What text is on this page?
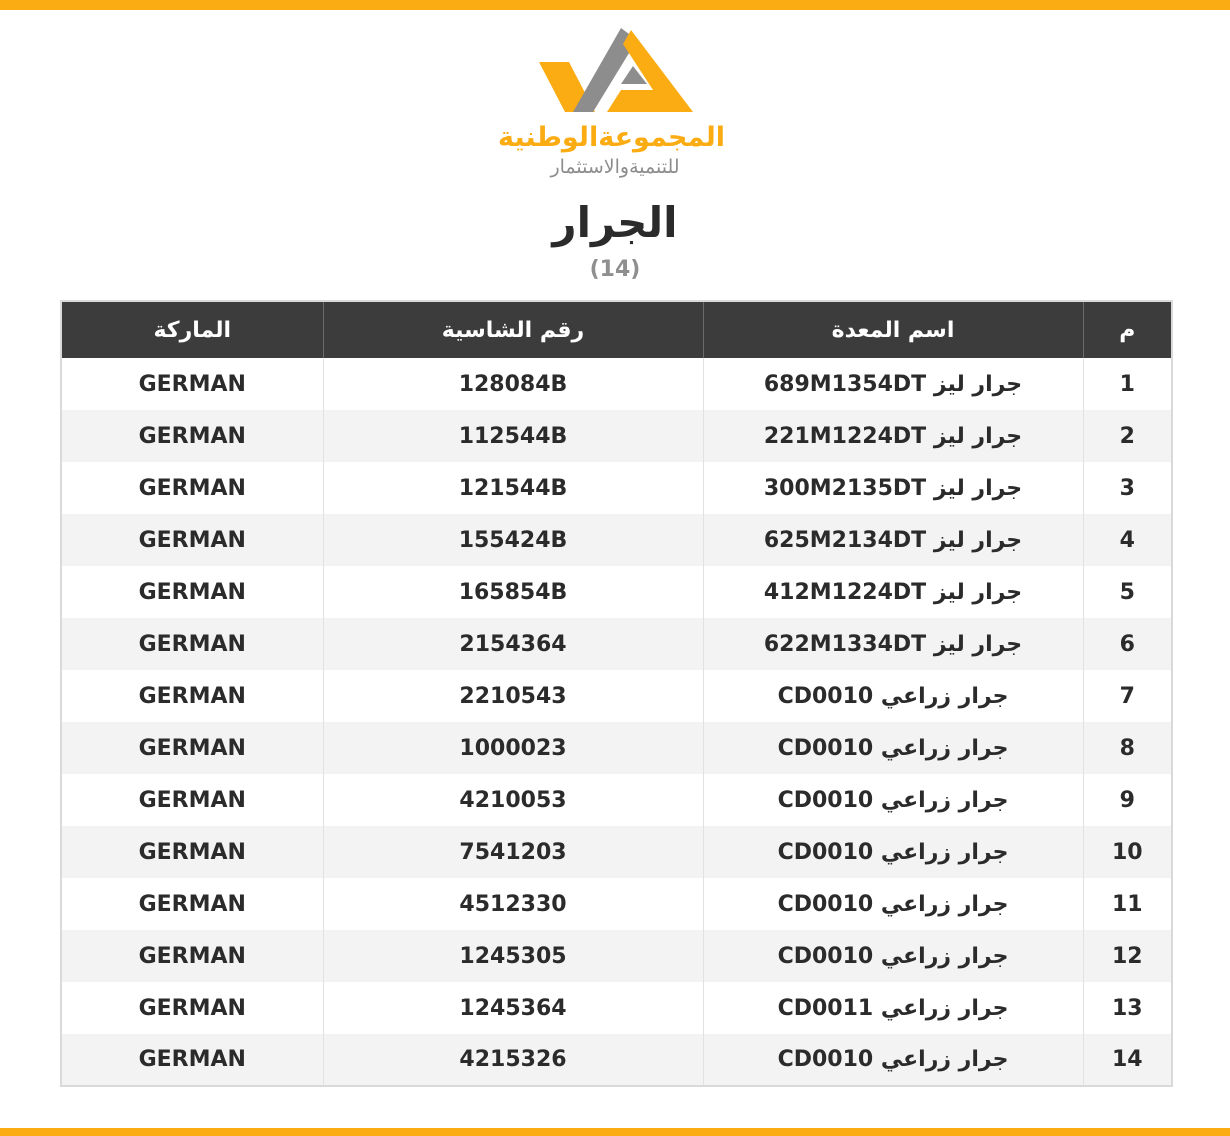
المجموعةالوطنية
للتنميةوالاستثمار
الجرار
(14)
م	اسم المعدة	رقم الشاسية	الماركة
1	جرار ليز 689M1354DT	128084B	GERMAN
2	جرار ليز 221M1224DT	112544B	GERMAN
3	جرار ليز 300M2135DT	121544B	GERMAN
4	جرار ليز 625M2134DT	155424B	GERMAN
5	جرار ليز 412M1224DT	165854B	GERMAN
6	جرار ليز 622M1334DT	2154364	GERMAN
7	جرار زراعي CD0010	2210543	GERMAN
8	جرار زراعي CD0010	1000023	GERMAN
9	جرار زراعي CD0010	4210053	GERMAN
10	جرار زراعي CD0010	7541203	GERMAN
11	جرار زراعي CD0010	4512330	GERMAN
12	جرار زراعي CD0010	1245305	GERMAN
13	جرار زراعي CD0011	1245364	GERMAN
14	جرار زراعي CD0010	4215326	GERMAN
